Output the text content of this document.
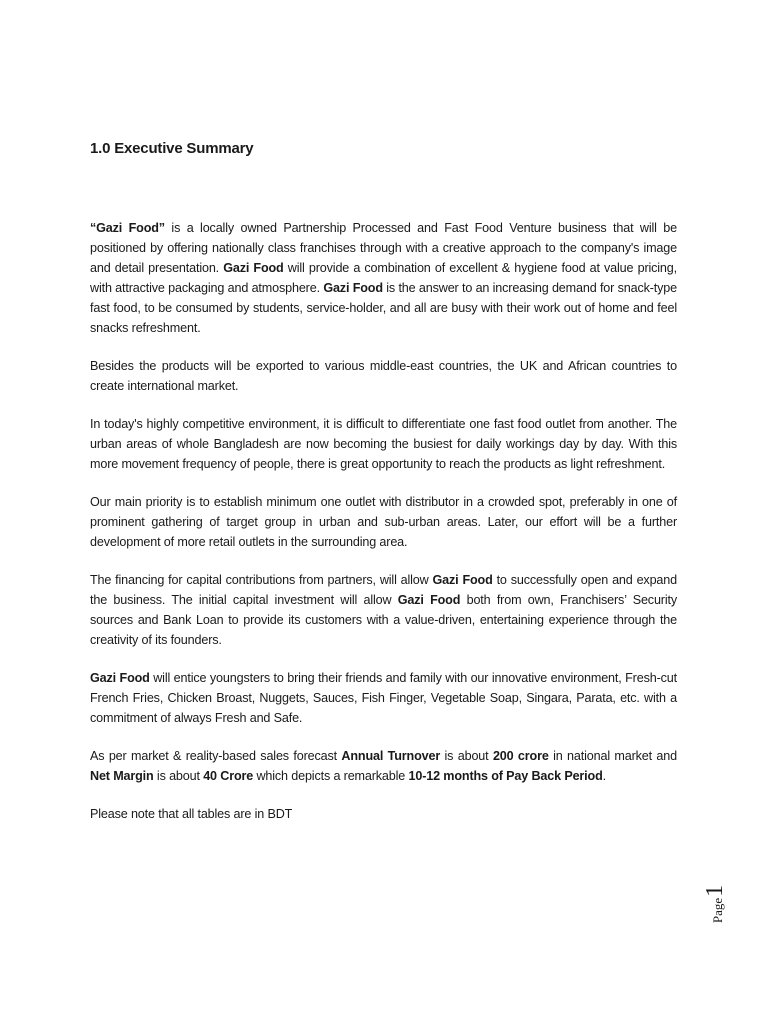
1.0 Executive Summary

“Gazi Food” is a locally owned Partnership Processed and Fast Food Venture business that will be positioned by offering nationally class franchises through with a creative approach to the company's image and detail presentation. Gazi Food will provide a combination of excellent & hygiene food at value pricing, with attractive packaging and atmosphere. Gazi Food is the answer to an increasing demand for snack-type fast food, to be consumed by students, service-holder, and all are busy with their work out of home and feel snacks refreshment.

Besides the products will be exported to various middle-east countries, the UK and African countries to create international market.

In today's highly competitive environment, it is difficult to differentiate one fast food outlet from another. The urban areas of whole Bangladesh are now becoming the busiest for daily workings day by day. With this more movement frequency of people, there is great opportunity to reach the products as light refreshment.

Our main priority is to establish minimum one outlet with distributor in a crowded spot, preferably in one of prominent gathering of target group in urban and sub-urban areas. Later, our effort will be a further development of more retail outlets in the surrounding area.

The financing for capital contributions from partners, will allow Gazi Food to successfully open and expand the business. The initial capital investment will allow Gazi Food both from own, Franchisers’ Security sources and Bank Loan to provide its customers with a value-driven, entertaining experience through the creativity of its founders.

Gazi Food will entice youngsters to bring their friends and family with our innovative environment, Fresh-cut French Fries, Chicken Broast, Nuggets, Sauces, Fish Finger, Vegetable Soap, Singara, Parata, etc. with a commitment of always Fresh and Safe.

As per market & reality-based sales forecast Annual Turnover is about 200 crore in national market and Net Margin is about 40 Crore which depicts a remarkable 10-12 months of Pay Back Period.

Please note that all tables are in BDT

Page
1
